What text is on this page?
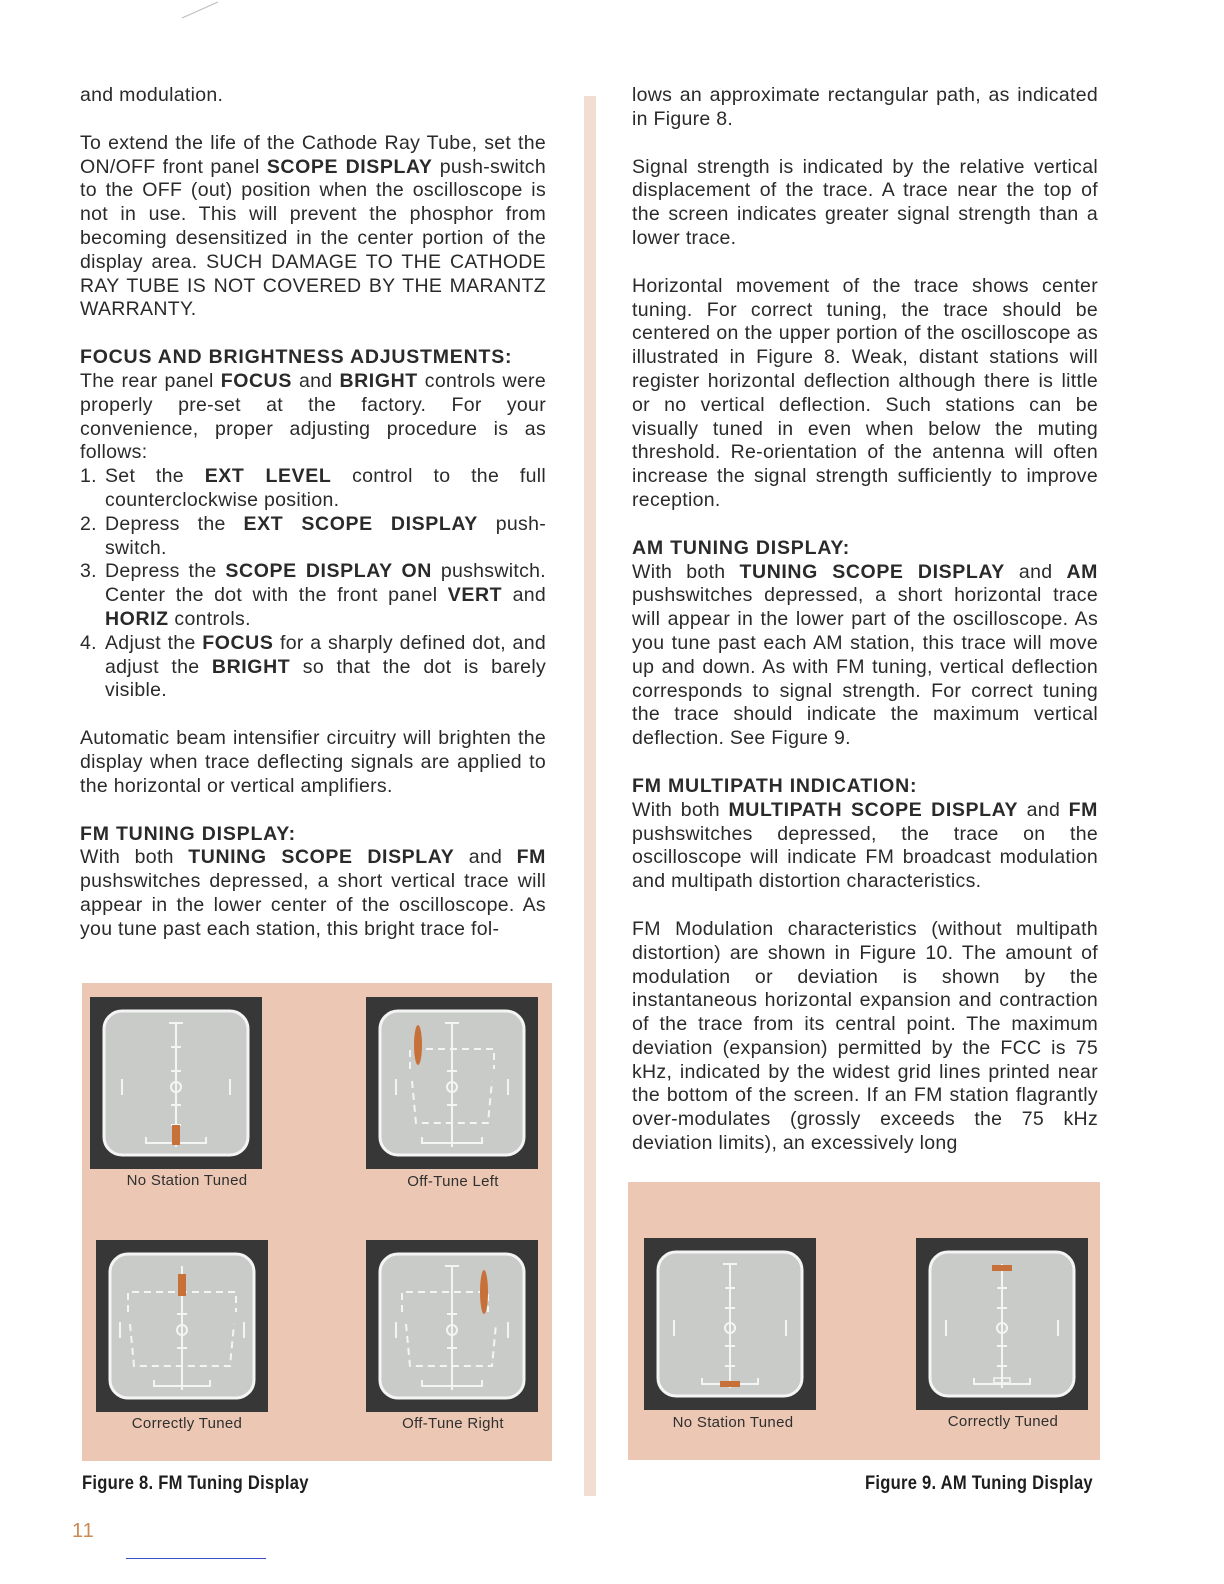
and modulation.

To extend the life of the Cathode Ray Tube, set the ON/OFF front panel SCOPE DISPLAY push-switch to the OFF (out) position when the oscilloscope is not in use. This will prevent the phosphor from becoming desensitized in the center portion of the display area. SUCH DAMAGE TO THE CATHODE RAY TUBE IS NOT COVERED BY THE MARANTZ WARRANTY.

FOCUS AND BRIGHTNESS ADJUSTMENTS:

The rear panel FOCUS and BRIGHT controls were properly pre-set at the factory. For your convenience, proper adjusting procedure is as follows:

1. Set the EXT LEVEL control to the full counterclockwise position.
2. Depress the EXT SCOPE DISPLAY push-switch.
3. Depress the SCOPE DISPLAY ON pushswitch. Center the dot with the front panel VERT and HORIZ controls.
4. Adjust the FOCUS for a sharply defined dot, and adjust the BRIGHT so that the dot is barely visible.

Automatic beam intensifier circuitry will brighten the display when trace deflecting signals are applied to the horizontal or vertical amplifiers.

FM TUNING DISPLAY:

With both TUNING SCOPE DISPLAY and FM pushswitches depressed, a short vertical trace will appear in the lower center of the oscilloscope. As you tune past each station, this bright trace fol-

lows an approximate rectangular path, as indicated in Figure 8.

Signal strength is indicated by the relative vertical displacement of the trace. A trace near the top of the screen indicates greater signal strength than a lower trace.

Horizontal movement of the trace shows center tuning. For correct tuning, the trace should be centered on the upper portion of the oscilloscope as illustrated in Figure 8. Weak, distant stations will register horizontal deflection although there is little or no vertical deflection. Such stations can be visually tuned in even when below the muting threshold. Re-orientation of the antenna will often increase the signal strength sufficiently to improve reception.

AM TUNING DISPLAY:

With both TUNING SCOPE DISPLAY and AM pushswitches depressed, a short horizontal trace will appear in the lower part of the oscilloscope. As you tune past each AM station, this trace will move up and down. As with FM tuning, vertical deflection corresponds to signal strength. For correct tuning the trace should indicate the maximum vertical deflection. See Figure 9.

FM MULTIPATH INDICATION:

With both MULTIPATH SCOPE DISPLAY and FM pushswitches depressed, the trace on the oscilloscope will indicate FM broadcast modulation and multipath distortion characteristics.

FM Modulation characteristics (without multipath distortion) are shown in Figure 10. The amount of modulation or deviation is shown by the instantaneous horizontal expansion and contraction of the trace from its central point. The maximum deviation (expansion) permitted by the FCC is 75 kHz, indicated by the widest grid lines printed near the bottom of the screen. If an FM station flagrantly over-modulates (grossly exceeds the 75 kHz deviation limits), an excessively long

No Station Tuned	Off-Tune Left
Correctly Tuned	Off-Tune Right
Figure 8. FM Tuning Display
No Station Tuned	Correctly Tuned
Figure 9. AM Tuning Display
11
